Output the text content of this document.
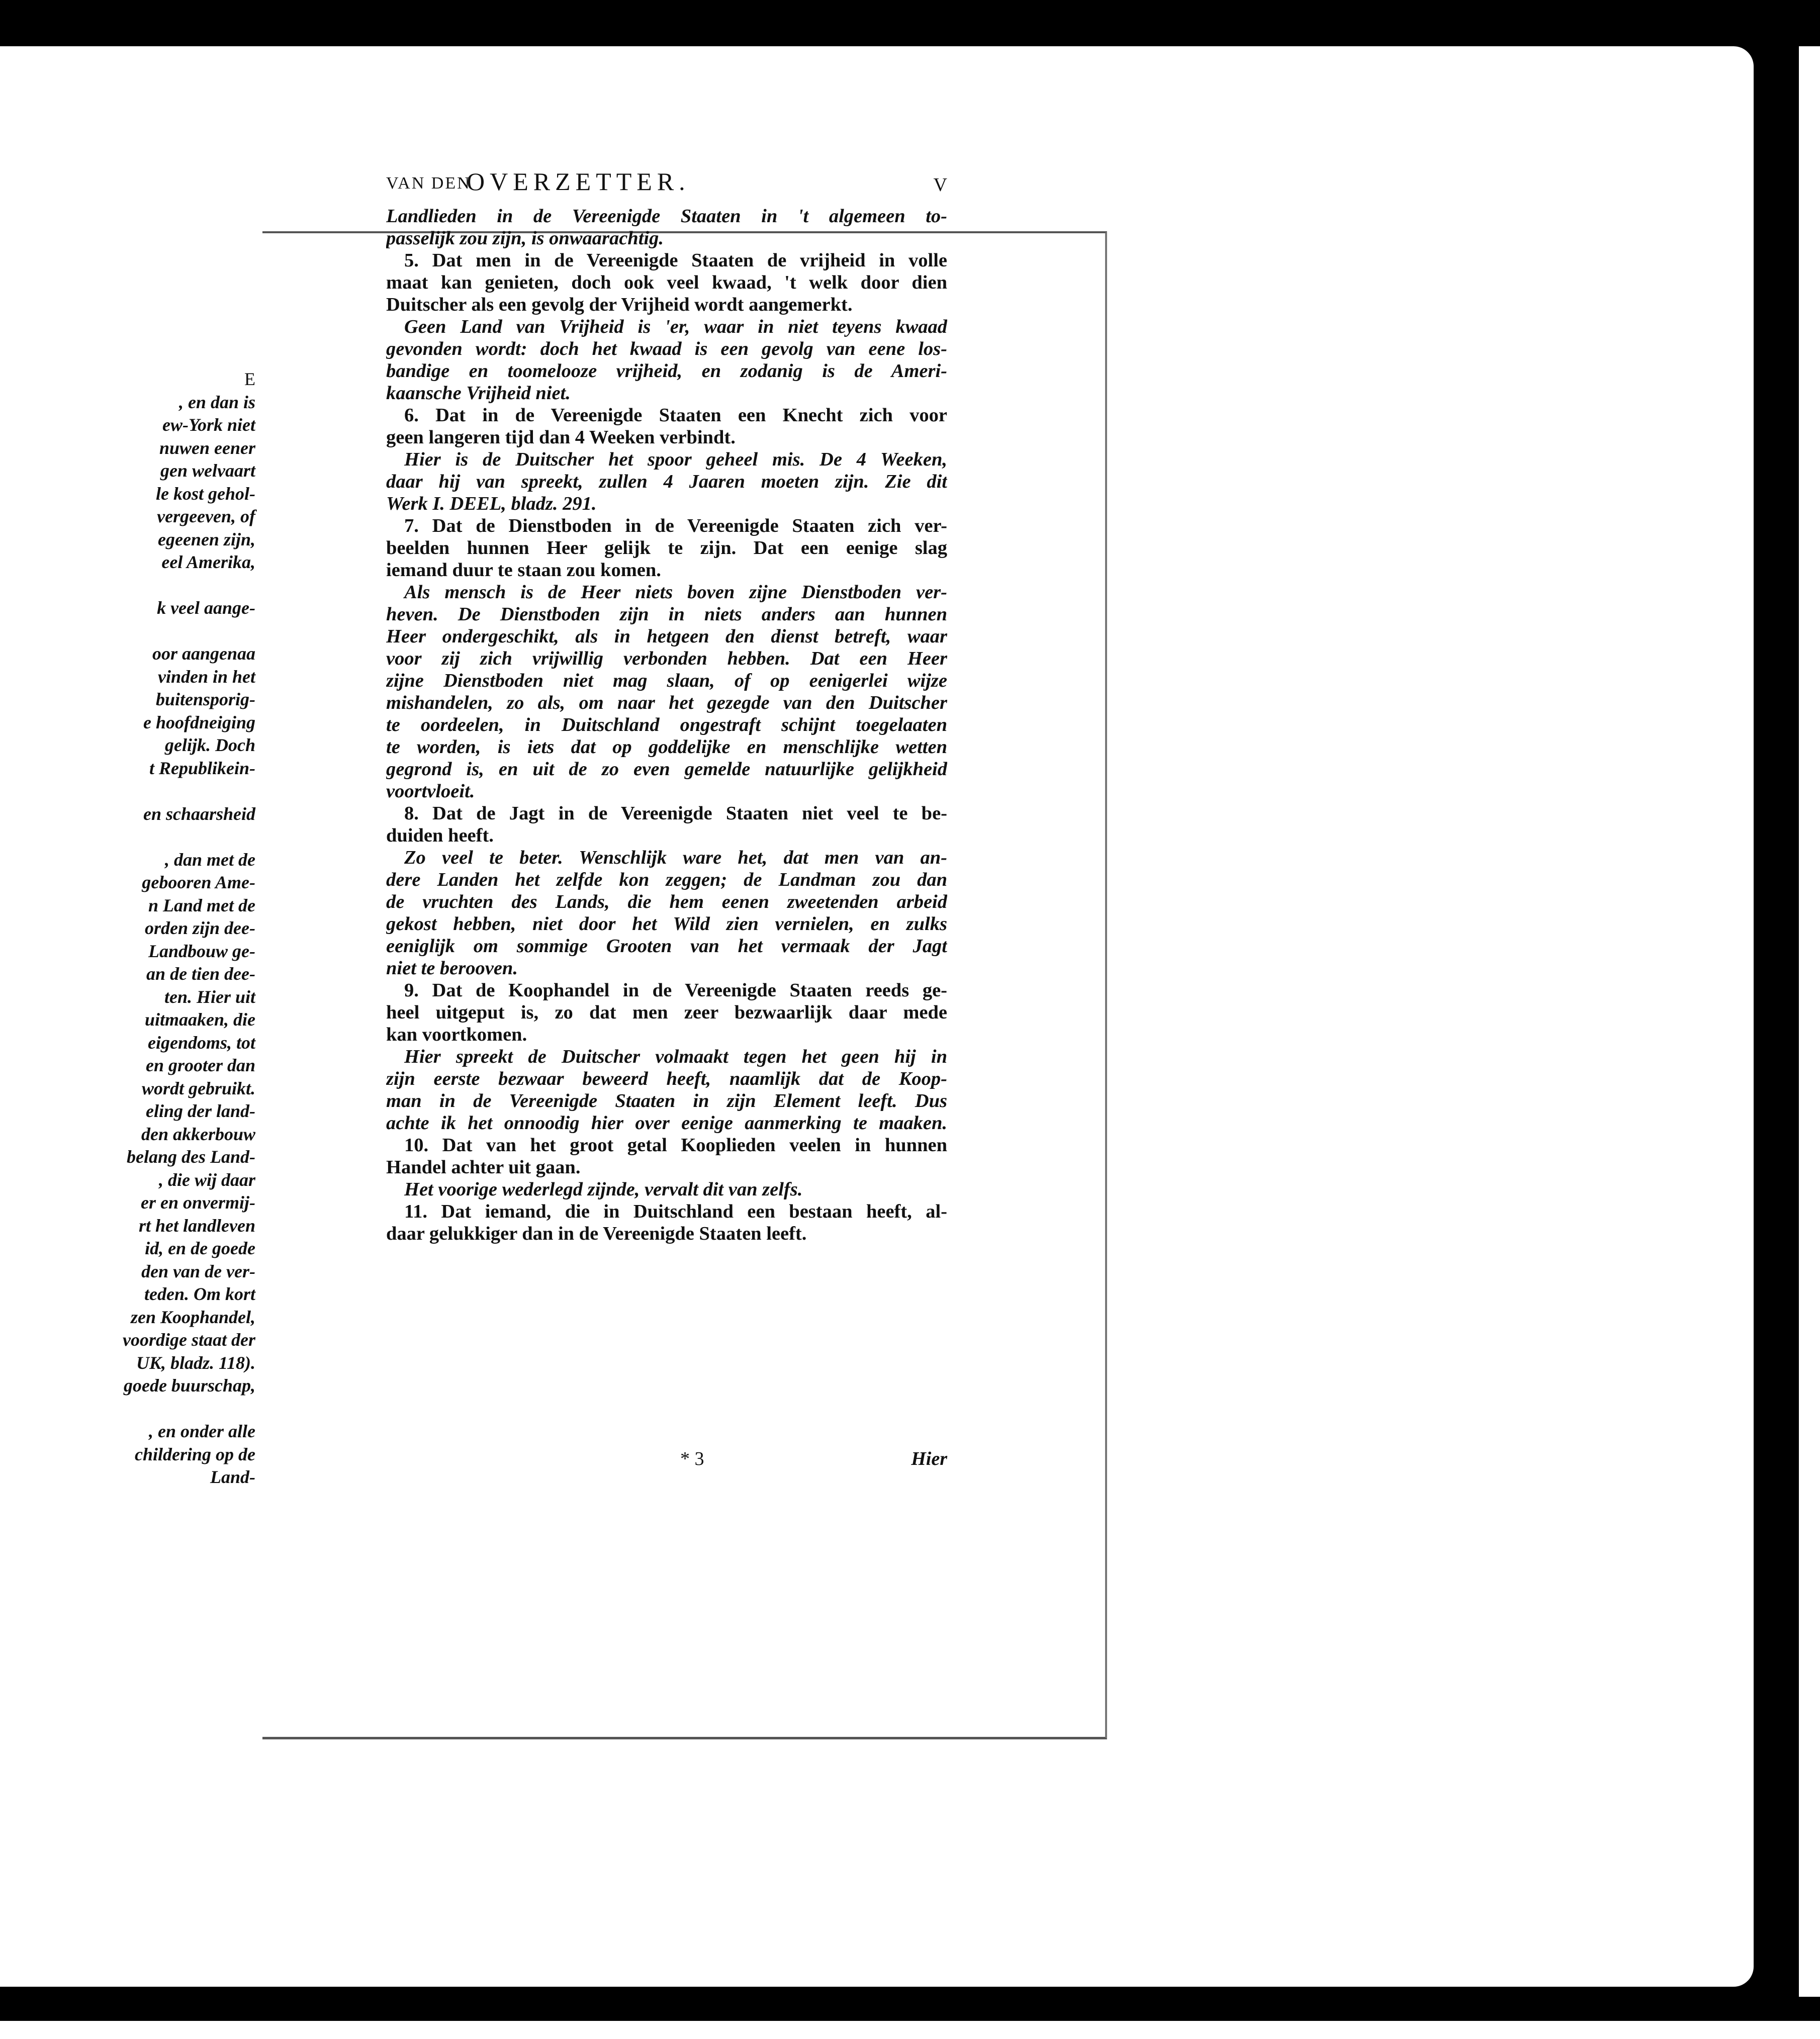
E
, en dan is
ew-York niet
nuwen eener
gen welvaart
le kost gehol-
vergeeven, of
egeenen zijn,
eel Amerika,
k veel aange-
oor aangenaa
vinden in het
buitensporig-
e hoofdneiging
gelijk. Doch
t Republikein-
en schaarsheid
, dan met de
gebooren Ame-
n Land met de
orden zijn dee-
Landbouw ge-
an de tien dee-
ten. Hier uit
uitmaaken, die
eigendoms, tot
en grooter dan
wordt gebruikt.
eling der land-
den akkerbouw
belang des Land-
, die wij daar
er en onvermij-
rt het landleven
id, en de goede
den van de ver-
teden. Om kort
zen Koophandel,
voordige staat der
UK, bladz. 118).
goede buurschap,
, en onder alle
childering op de
Land-
VAN DEN
OVERZETTER.	V
Landlieden in de Vereenigde Staaten in 't algemeen to-
passelijk zou zijn, is onwaarachtig.
5. Dat men in de Vereenigde Staaten de vrijheid in volle
maat kan genieten, doch ook veel kwaad, 't welk door dien
Duitscher als een gevolg der Vrijheid wordt aangemerkt.
Geen Land van Vrijheid is 'er, waar in niet teyens kwaad
gevonden wordt: doch het kwaad is een gevolg van eene los-
bandige en toomelooze vrijheid, en zodanig is de Ameri-
kaansche Vrijheid niet.
6. Dat in de Vereenigde Staaten een Knecht zich voor
geen langeren tijd dan 4 Weeken verbindt.
Hier is de Duitscher het spoor geheel mis. De 4 Weeken,
daar hij van spreekt, zullen 4 Jaaren moeten zijn. Zie dit
Werk I. DEEL, bladz. 291.
7. Dat de Dienstboden in de Vereenigde Staaten zich ver-
beelden hunnen Heer gelijk te zijn. Dat een eenige slag
iemand duur te staan zou komen.
Als mensch is de Heer niets boven zijne Dienstboden ver-
heven. De Dienstboden zijn in niets anders aan hunnen
Heer ondergeschikt, als in hetgeen den dienst betreft, waar
voor zij zich vrijwillig verbonden hebben. Dat een Heer
zijne Dienstboden niet mag slaan, of op eenigerlei wijze
mishandelen, zo als, om naar het gezegde van den Duitscher
te oordeelen, in Duitschland ongestraft schijnt toegelaaten
te worden, is iets dat op goddelijke en menschlijke wetten
gegrond is, en uit de zo even gemelde natuurlijke gelijkheid
voortvloeit.
8. Dat de Jagt in de Vereenigde Staaten niet veel te be-
duiden heeft.
Zo veel te beter. Wenschlijk ware het, dat men van an-
dere Landen het zelfde kon zeggen; de Landman zou dan
de vruchten des Lands, die hem eenen zweetenden arbeid
gekost hebben, niet door het Wild zien vernielen, en zulks
eeniglijk om sommige Grooten van het vermaak der Jagt
niet te berooven.
9. Dat de Koophandel in de Vereenigde Staaten reeds ge-
heel uitgeput is, zo dat men zeer bezwaarlijk daar mede
kan voortkomen.
Hier spreekt de Duitscher volmaakt tegen het geen hij in
zijn eerste bezwaar beweerd heeft, naamlijk dat de Koop-
man in de Vereenigde Staaten in zijn Element leeft. Dus
achte ik het onnoodig hier over eenige aanmerking te maaken.
10. Dat van het groot getal Kooplieden veelen in hunnen
Handel achter uit gaan.
Het voorige wederlegd zijnde, vervalt dit van zelfs.
11. Dat iemand, die in Duitschland een bestaan heeft, al-
daar gelukkiger dan in de Vereenigde Staaten leeft.
* 3	Hier
